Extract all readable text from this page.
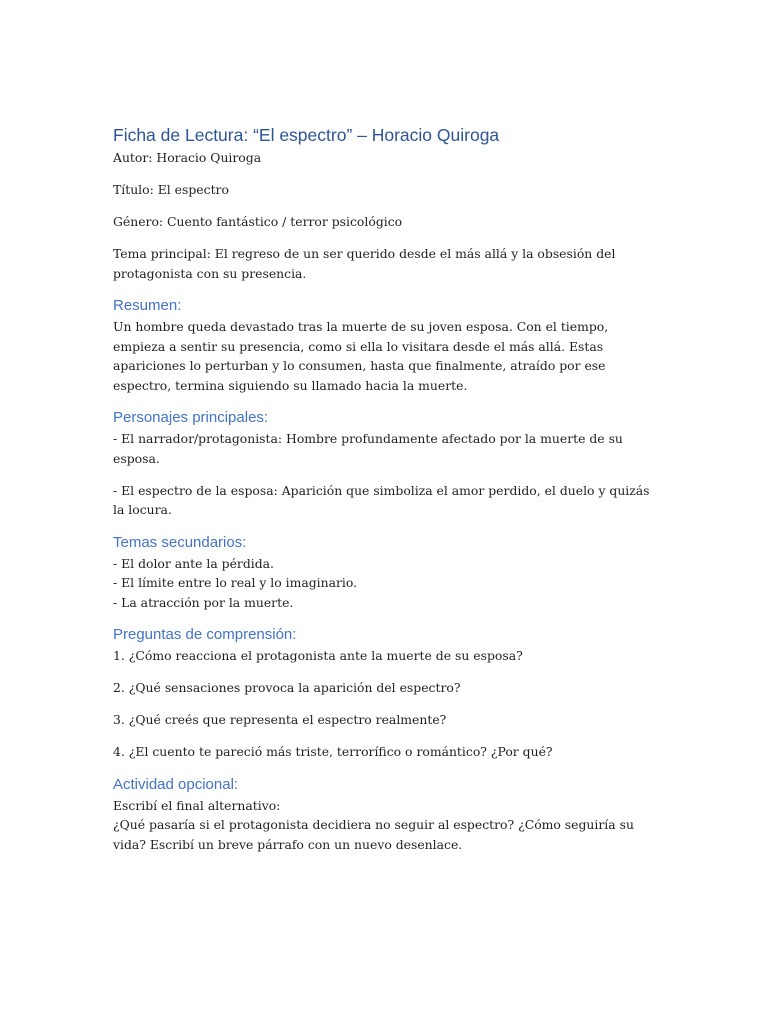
Ficha de Lectura: “El espectro” – Horacio Quiroga

Autor: Horacio Quiroga

Título: El espectro

Género: Cuento fantástico / terror psicológico

Tema principal: El regreso de un ser querido desde el más allá y la obsesión del protagonista con su presencia.

Resumen:

Un hombre queda devastado tras la muerte de su joven esposa. Con el tiempo, empieza a sentir su presencia, como si ella lo visitara desde el más allá. Estas apariciones lo perturban y lo consumen, hasta que finalmente, atraído por ese espectro, termina siguiendo su llamado hacia la muerte.

Personajes principales:

- El narrador/protagonista: Hombre profundamente afectado por la muerte de su esposa.

- El espectro de la esposa: Aparición que simboliza el amor perdido, el duelo y quizás la locura.

Temas secundarios:

- El dolor ante la pérdida.

- El límite entre lo real y lo imaginario.

- La atracción por la muerte.

Preguntas de comprensión:

1. ¿Cómo reacciona el protagonista ante la muerte de su esposa?

2. ¿Qué sensaciones provoca la aparición del espectro?

3. ¿Qué creés que representa el espectro realmente?

4. ¿El cuento te pareció más triste, terrorífico o romántico? ¿Por qué?

Actividad opcional:

Escribí el final alternativo:

¿Qué pasaría si el protagonista decidiera no seguir al espectro? ¿Cómo seguiría su vida? Escribí un breve párrafo con un nuevo desenlace.
